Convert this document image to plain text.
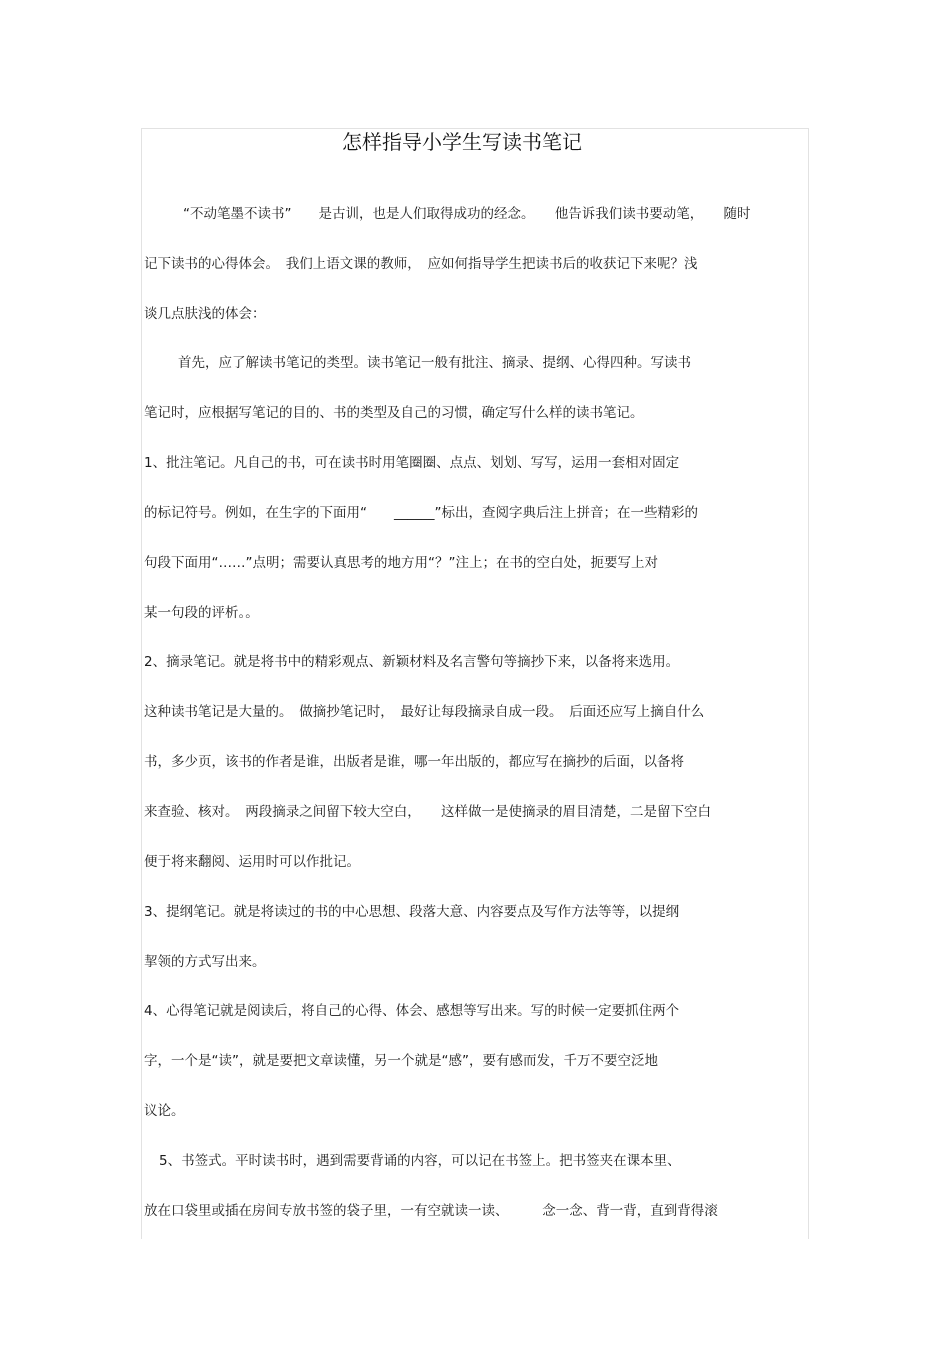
怎样指导小学生写读书笔记
“不动笔墨不读书”　　是古训，也是人们取得成功的经念。　　他告诉我们读书要动笔，　　随时
记下读书的心得体会。　我们上语文课的教师，　应如何指导学生把读书后的收获记下来呢？浅
谈几点肤浅的体会：
首先，应了解读书笔记的类型。读书笔记一般有批注、摘录、提纲、心得四种。写读书
笔记时，应根据写笔记的目的、书的类型及自己的习惯，确定写什么样的读书笔记。
1、批注笔记。凡自己的书，可在读书时用笔圈圈、点点、划划、写写，运用一套相对固定
的标记符号。例如，在生字的下面用“　　______”标出，查阅字典后注上拼音；在一些精彩的
句段下面用“……”点明；需要认真思考的地方用“？”注上；在书的空白处，扼要写上对
某一句段的评析。。
2、摘录笔记。就是将书中的精彩观点、新颖材料及名言警句等摘抄下来，以备将来选用。
这种读书笔记是大量的。　做摘抄笔记时，　最好让每段摘录自成一段。　后面还应写上摘自什么
书，多少页，该书的作者是谁，出版者是谁，哪一年出版的，都应写在摘抄的后面，以备将
来查验、核对。　两段摘录之间留下较大空白，　　这样做一是使摘录的眉目清楚，二是留下空白
便于将来翻阅、运用时可以作批记。
3、提纲笔记。就是将读过的书的中心思想、段落大意、内容要点及写作方法等等，以提纲
挈领的方式写出来。
4、心得笔记就是阅读后，将自己的心得、体会、感想等写出来。写的时候一定要抓住两个
字，一个是“读”，就是要把文章读懂，另一个就是“感”，要有感而发，千万不要空泛地
议论。
5、书签式。平时读书时，遇到需要背诵的内容，可以记在书签上。把书签夹在课本里、
放在口袋里或插在房间专放书签的袋子里，一有空就读一读、　　　念一念、背一背，直到背得滚
